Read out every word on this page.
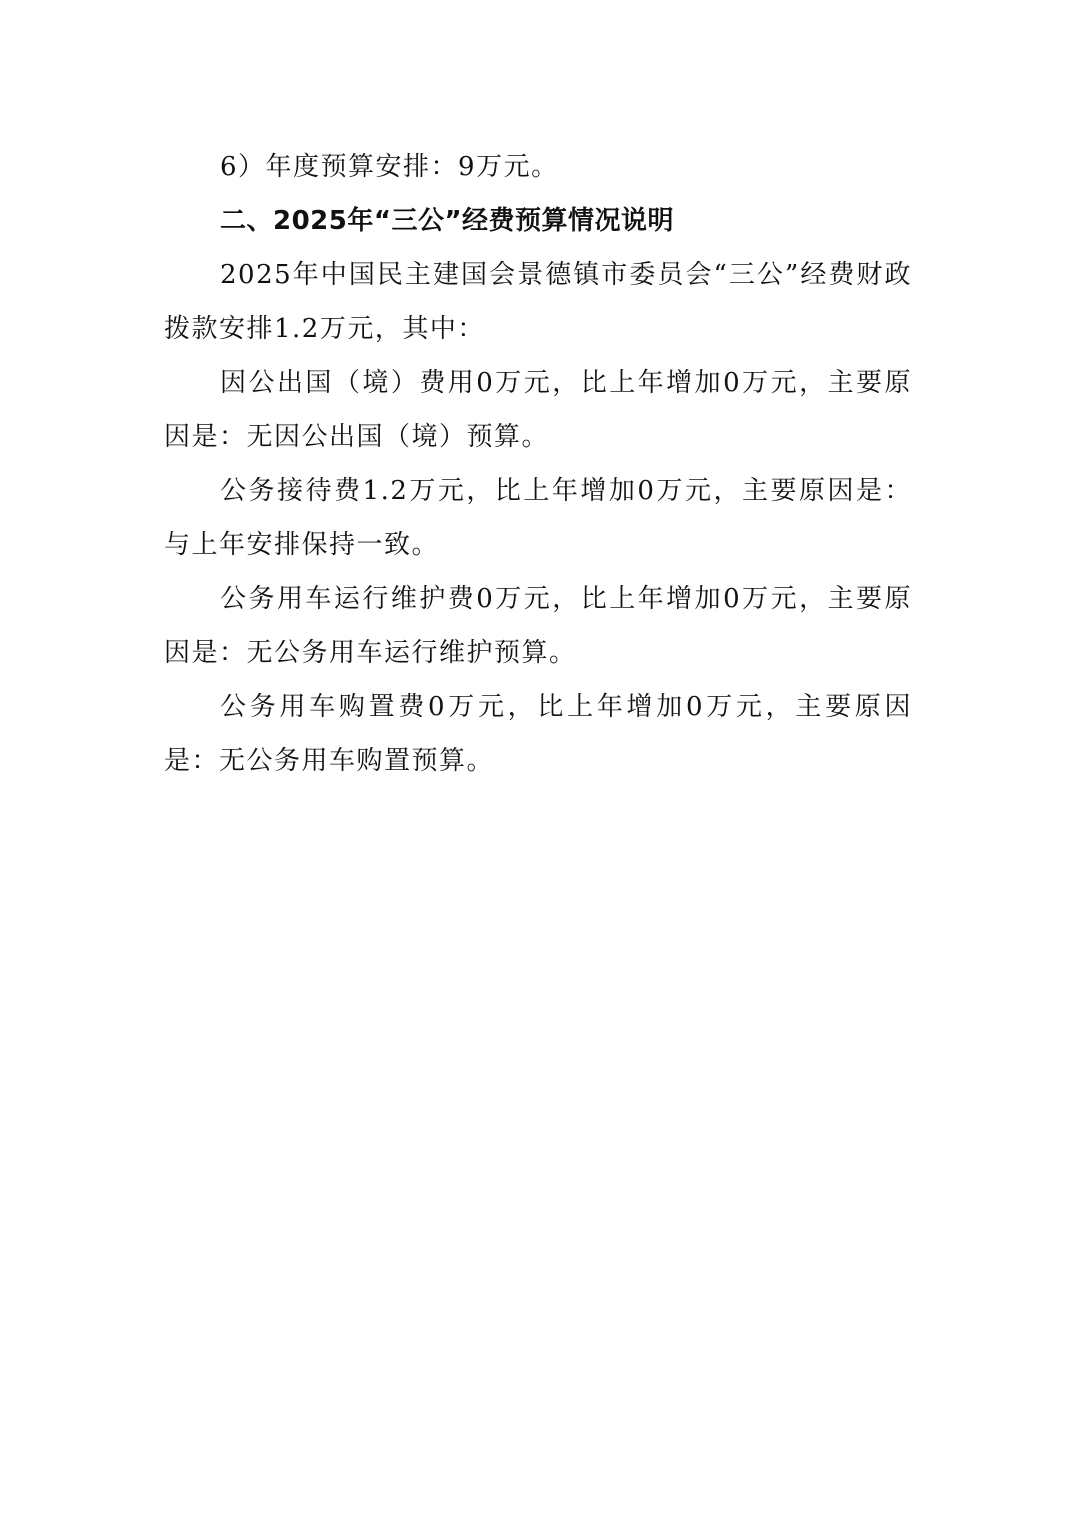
6）年度预算安排：9万元。

二、2025年“三公”经费预算情况说明

2025年中国民主建国会景德镇市委员会“三公”经费财政拨款安排1.2万元，其中：

因公出国（境）费用0万元，比上年增加0万元，主要原因是：无因公出国（境）预算。

公务接待费1.2万元，比上年增加0万元，主要原因是：与上年安排保持一致。

公务用车运行维护费0万元，比上年增加0万元，主要原因是：无公务用车运行维护预算。

公务用车购置费0万元，比上年增加0万元，主要原因是：无公务用车购置预算。
